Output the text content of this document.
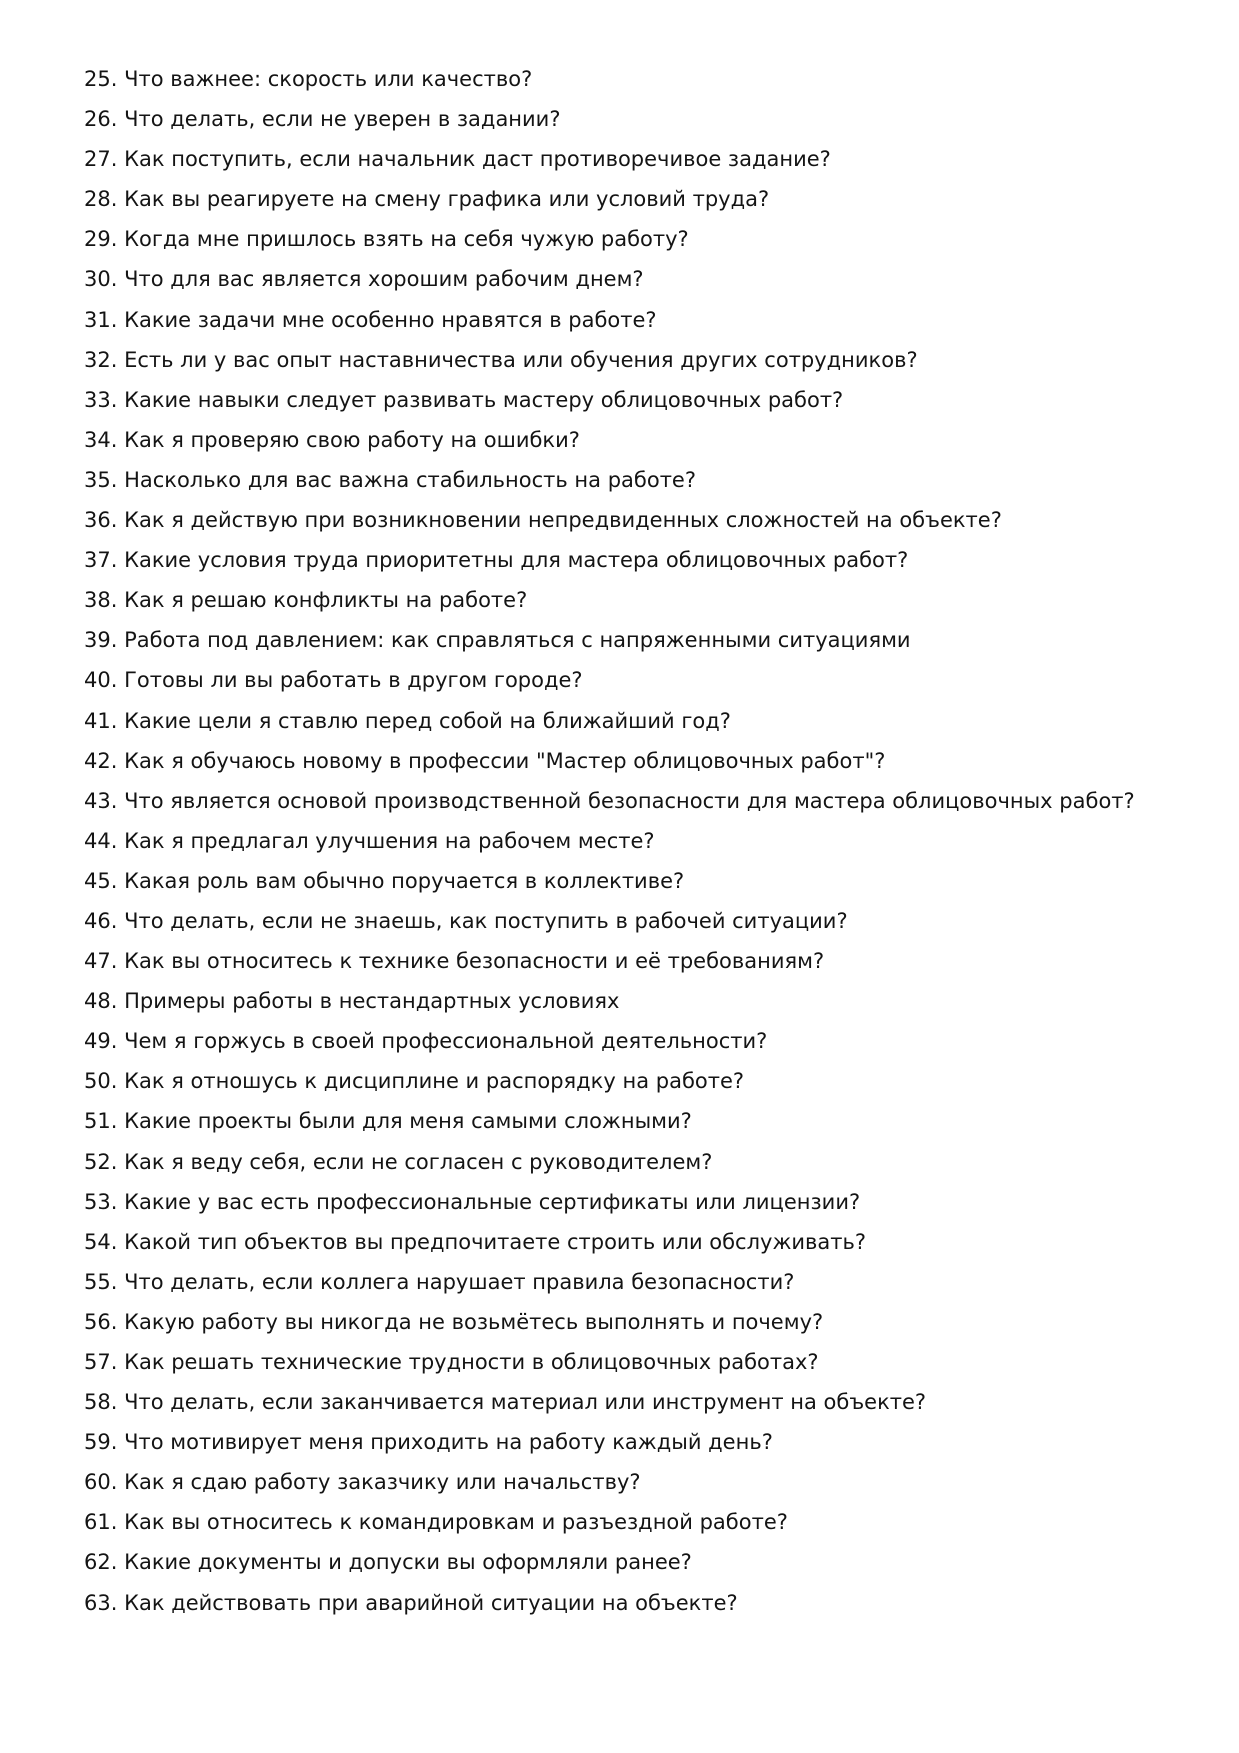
25. Что важнее: скорость или качество?

26. Что делать, если не уверен в задании?

27. Как поступить, если начальник даст противоречивое задание?

28. Как вы реагируете на смену графика или условий труда?

29. Когда мне пришлось взять на себя чужую работу?

30. Что для вас является хорошим рабочим днем?

31. Какие задачи мне особенно нравятся в работе?

32. Есть ли у вас опыт наставничества или обучения других сотрудников?

33. Какие навыки следует развивать мастеру облицовочных работ?

34. Как я проверяю свою работу на ошибки?

35. Насколько для вас важна стабильность на работе?

36. Как я действую при возникновении непредвиденных сложностей на объекте?

37. Какие условия труда приоритетны для мастера облицовочных работ?

38. Как я решаю конфликты на работе?

39. Работа под давлением: как справляться с напряженными ситуациями

40. Готовы ли вы работать в другом городе?

41. Какие цели я ставлю перед собой на ближайший год?

42. Как я обучаюсь новому в профессии "Мастер облицовочных работ"?

43. Что является основой производственной безопасности для мастера облицовочных работ?

44. Как я предлагал улучшения на рабочем месте?

45. Какая роль вам обычно поручается в коллективе?

46. Что делать, если не знаешь, как поступить в рабочей ситуации?

47. Как вы относитесь к технике безопасности и её требованиям?

48. Примеры работы в нестандартных условиях

49. Чем я горжусь в своей профессиональной деятельности?

50. Как я отношусь к дисциплине и распорядку на работе?

51. Какие проекты были для меня самыми сложными?

52. Как я веду себя, если не согласен с руководителем?

53. Какие у вас есть профессиональные сертификаты или лицензии?

54. Какой тип объектов вы предпочитаете строить или обслуживать?

55. Что делать, если коллега нарушает правила безопасности?

56. Какую работу вы никогда не возьмётесь выполнять и почему?

57. Как решать технические трудности в облицовочных работах?

58. Что делать, если заканчивается материал или инструмент на объекте?

59. Что мотивирует меня приходить на работу каждый день?

60. Как я сдаю работу заказчику или начальству?

61. Как вы относитесь к командировкам и разъездной работе?

62. Какие документы и допуски вы оформляли ранее?

63. Как действовать при аварийной ситуации на объекте?
